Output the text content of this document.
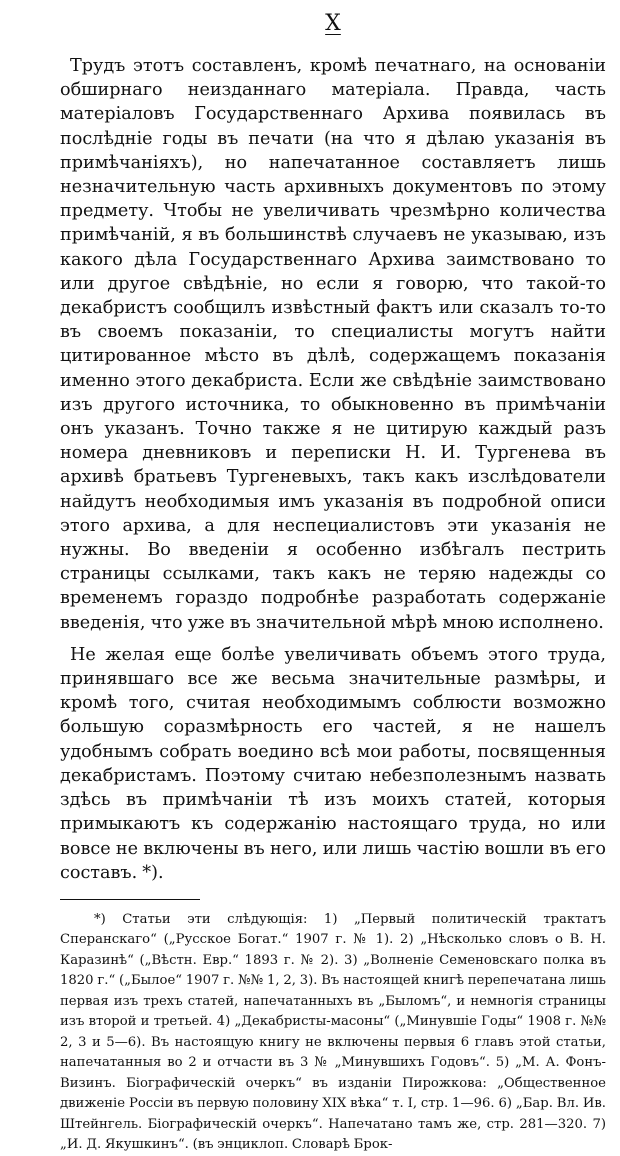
X

Трудъ этотъ составленъ, кромѣ печатнаго, на основаніи обширнаго неизданнаго матеріала. Правда, часть матеріаловъ Государственнаго Архива появилась въ послѣдніе годы въ печати (на что я дѣлаю указанія въ примѣчаніяхъ), но напечатанное составляетъ лишь незначительную часть архивныхъ документовъ по этому предмету. Чтобы не увеличивать чрезмѣрно количества примѣчаній, я въ большинствѣ случаевъ не указываю, изъ какого дѣла Государственнаго Архива заимствовано то или другое свѣдѣніе, но если я говорю, что такой-то декабристъ сообщилъ извѣстный фактъ или сказалъ то-то въ своемъ показаніи, то специалисты могутъ найти цитированное мѣсто въ дѣлѣ, содержащемъ показанія именно этого декабриста. Если же свѣдѣніе заимствовано изъ другого источника, то обыкновенно въ примѣчаніи онъ указанъ. Точно также я не цитирую каждый разъ номера дневниковъ и переписки Н. И. Тургенева въ архивѣ братьевъ Тургеневыхъ, такъ какъ изслѣдователи найдутъ необходимыя имъ указанія въ подробной описи этого архива, а для неспециалистовъ эти указанія не нужны. Во введеніи я особенно избѣгалъ пестрить страницы ссылками, такъ какъ не теряю надежды со временемъ гораздо подробнѣе разработать содержаніе введенія, что уже въ значительной мѣрѣ мною исполнено.

Не желая еще болѣе увеличивать объемъ этого труда, принявшаго все же весьма значительные размѣры, и кромѣ того, считая необходимымъ соблюсти возможно большую соразмѣрность его частей, я не нашелъ удобнымъ собрать воедино всѣ мои работы, посвященныя декабристамъ. Поэтому считаю небезполезнымъ назвать здѣсь въ примѣчаніи тѣ изъ моихъ статей, которыя примыкаютъ къ содержанію настоящаго труда, но или вовсе не включены въ него, или лишь частію вошли въ его составъ. *).

*) Статьи эти слѣдующія: 1) „Первый политическій трактатъ Сперанскаго“ („Русское Богат.“ 1907 г. № 1). 2) „Нѣсколько словъ о В. Н. Каразинѣ“ („Вѣстн. Евр.“ 1893 г. № 2). 3) „Волненіе Семеновскаго полка въ 1820 г.“ („Былое“ 1907 г. №№ 1, 2, 3). Въ настоящей книгѣ перепечатана лишь первая изъ трехъ статей, напечатанныхъ въ „Быломъ“, и немногія страницы изъ второй и третьей. 4) „Декабристы-масоны“ („Минувшіе Годы“ 1908 г. №№ 2, 3 и 5—6). Въ настоящую книгу не включены первыя 6 главъ этой статьи, напечатанныя во 2 и отчасти въ 3 № „Минувшихъ Годовъ“. 5) „М. А. Фонъ-Визинъ. Біографическій очеркъ“ въ изданіи Пирожкова: „Общественное движеніе Россіи въ первую половину XIX вѣка“ т. I, стр. 1—96. 6) „Бар. Вл. Ив. Штейнгель. Біографическій очеркъ“. Напечатано тамъ же, стр. 281—320. 7) „И. Д. Якушкинъ“. (въ энциклоп. Словарѣ Брок-
